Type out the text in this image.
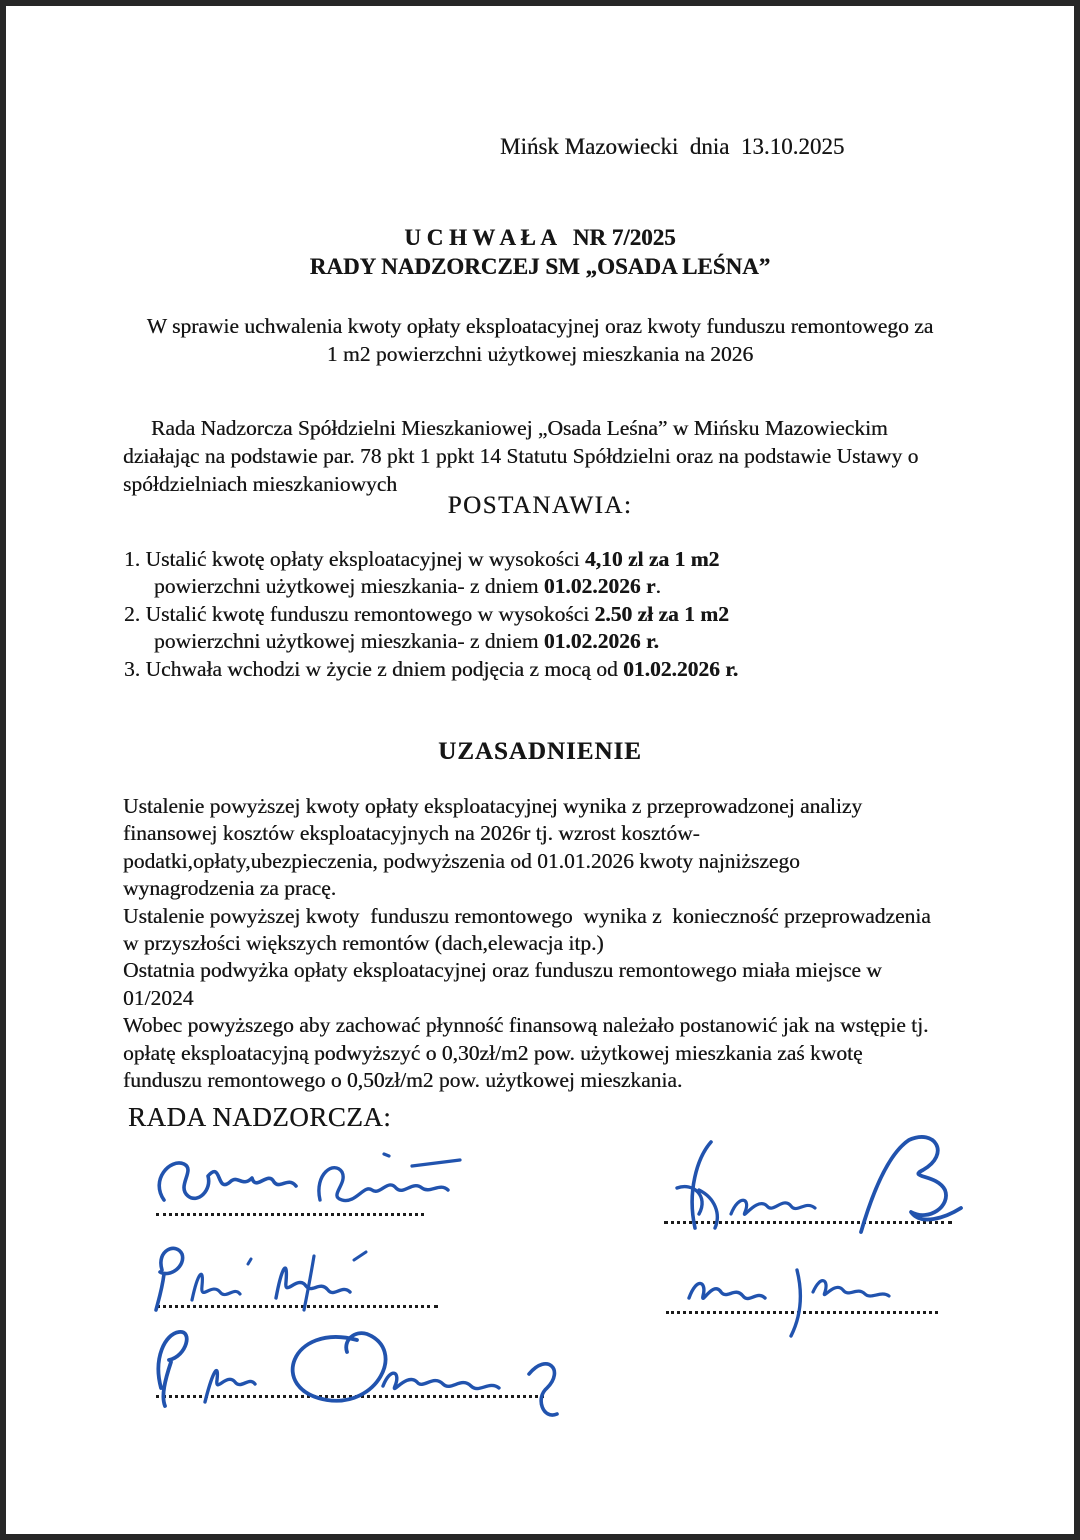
Mińsk Mazowiecki  dnia  13.10.2025
U C H W A Ł A   NR 7/2025
RADY NADZORCZEJ SM „OSADA LEŚNA”
W sprawie uchwalenia kwoty opłaty eksploatacyjnej oraz kwoty funduszu remontowego za
1 m2 powierzchni użytkowej mieszkania na 2026
Rada Nadzorcza Spółdzielni Mieszkaniowej „Osada Leśna” w Mińsku Mazowieckim
działając na podstawie par. 78 pkt 1 ppkt 14 Statutu Spółdzielni oraz na podstawie Ustawy o
spółdzielniach mieszkaniowych
POSTANAWIA:
1. Ustalić kwotę opłaty eksploatacyjnej w wysokości 4,10 zl za 1 m2
powierzchni użytkowej mieszkania- z dniem 01.02.2026 r.
2. Ustalić kwotę funduszu remontowego w wysokości 2.50 zł za 1 m2
powierzchni użytkowej mieszkania- z dniem 01.02.2026 r.
3. Uchwała wchodzi w życie z dniem podjęcia z mocą od 01.02.2026 r.
UZASADNIENIE
Ustalenie powyższej kwoty opłaty eksploatacyjnej wynika z przeprowadzonej analizy
finansowej kosztów eksploatacyjnych na 2026r tj. wzrost kosztów-
podatki,opłaty,ubezpieczenia, podwyższenia od 01.01.2026 kwoty najniższego
wynagrodzenia za pracę.
Ustalenie powyższej kwoty  funduszu remontowego  wynika z  konieczność przeprowadzenia
w przyszłości większych remontów (dach,elewacja itp.)
Ostatnia podwyżka opłaty eksploatacyjnej oraz funduszu remontowego miała miejsce w
01/2024
Wobec powyższego aby zachować płynność finansową należało postanowić jak na wstępie tj.
opłatę eksploatacyjną podwyższyć o 0,30zł/m2 pow. użytkowej mieszkania zaś kwotę
funduszu remontowego o 0,50zł/m2 pow. użytkowej mieszkania.
RADA NADZORCZA:
